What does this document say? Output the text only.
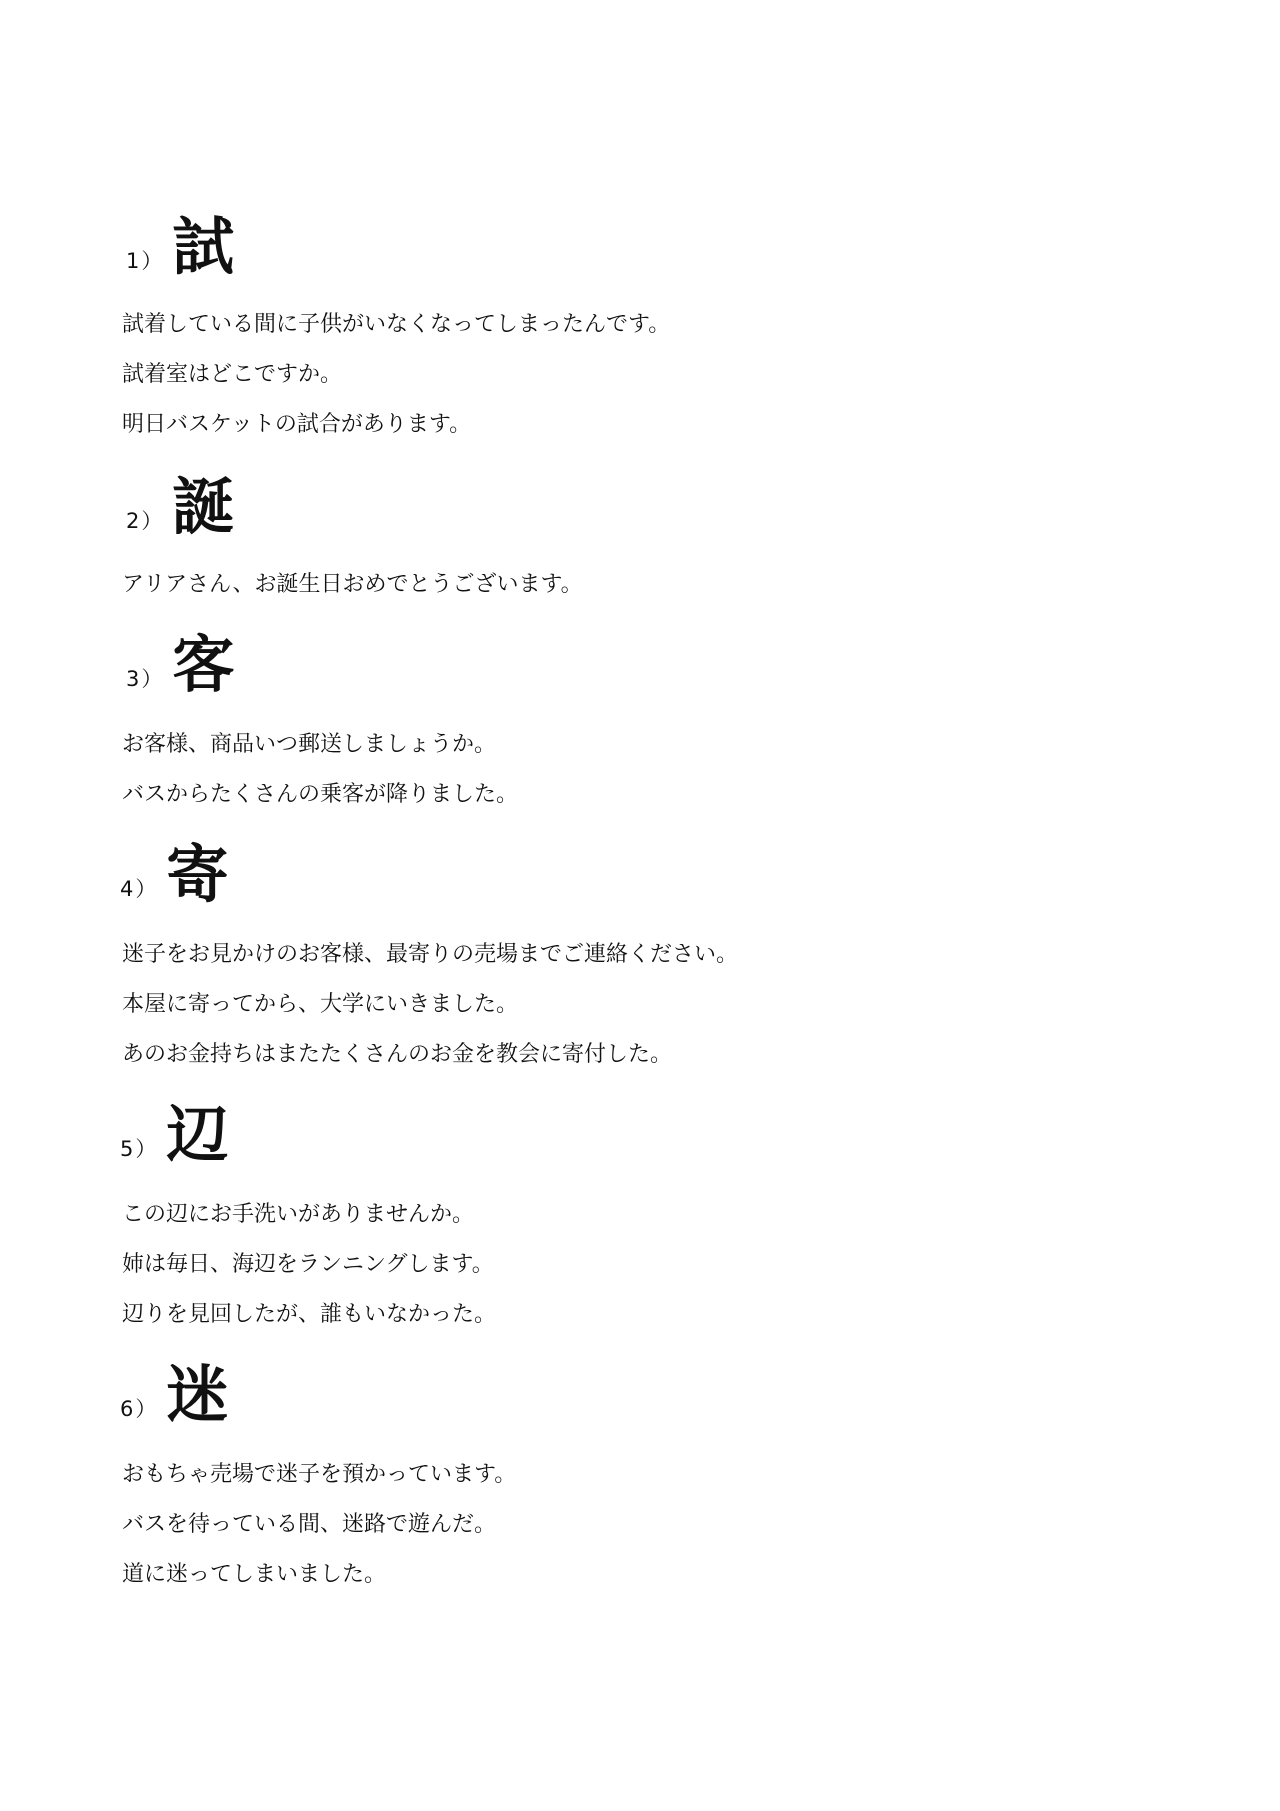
1） 試
試着している間に子供がいなくなってしまったんです。
試着室はどこですか。
明日バスケットの試合があります。
2） 誕
アリアさん、お誕生日おめでとうございます。
3） 客
お客様、商品いつ郵送しましょうか。
バスからたくさんの乗客が降りました。
4） 寄
迷子をお見かけのお客様、最寄りの売場までご連絡ください。
本屋に寄ってから、大学にいきました。
あのお金持ちはまたたくさんのお金を教会に寄付した。
5） 辺
この辺にお手洗いがありませんか。
姉は毎日、海辺をランニングします。
辺りを見回したが、誰もいなかった。
6） 迷
おもちゃ売場で迷子を預かっています。
バスを待っている間、迷路で遊んだ。
道に迷ってしまいました。
